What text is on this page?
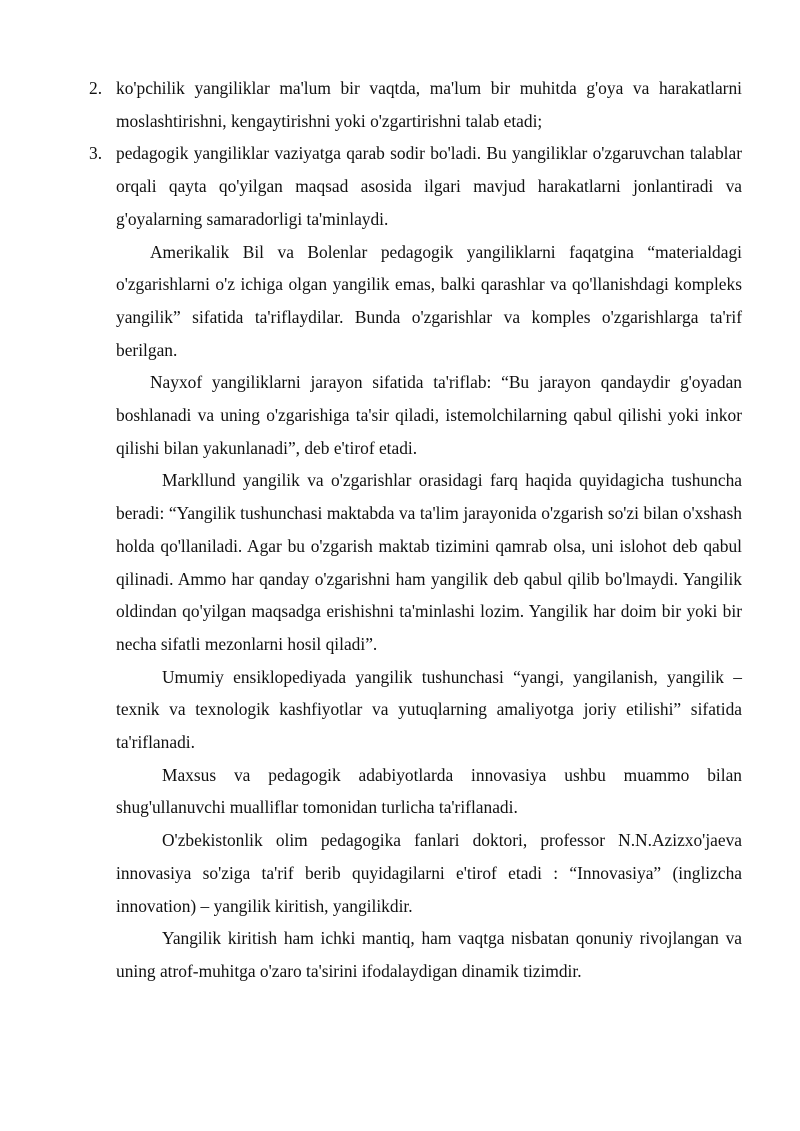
2. ko'pchilik yangiliklar ma'lum bir vaqtda, ma'lum bir muhitda g'oya va harakatlarni moslashtirishni, kengaytirishni yoki o'zgartirishni talab etadi;
3. pedagogik yangiliklar vaziyatga qarab sodir bo'ladi. Bu yangiliklar o'zgaruvchan talablar orqali qayta qo'yilgan maqsad asosida ilgari mavjud harakatlarni jonlantiradi va g'oyalarning samaradorligi ta'minlaydi.

Amerikalik Bil va Bolenlar pedagogik yangiliklarni faqatgina “materialdagi o'zgarishlarni o'z ichiga olgan yangilik emas, balki qarashlar va qo'llanishdagi kompleks yangilik” sifatida ta'riflaydilar. Bunda o'zgarishlar va komples o'zgarishlarga ta'rif berilgan.

Nayxof yangiliklarni jarayon sifatida ta'riflab: “Bu jarayon qandaydir g'oyadan boshlanadi va uning o'zgarishiga ta'sir qiladi, istemolchilarning qabul qilishi yoki inkor qilishi bilan yakunlanadi”, deb e'tirof etadi.

Markllund yangilik va o'zgarishlar orasidagi farq haqida quyidagicha tushuncha beradi: “Yangilik tushunchasi maktabda va ta'lim jarayonida o'zgarish so'zi bilan o'xshash holda qo'llaniladi. Agar bu o'zgarish maktab tizimini qamrab olsa, uni islohot deb qabul qilinadi. Ammo har qanday o'zgarishni ham yangilik deb qabul qilib bo'lmaydi. Yangilik oldindan qo'yilgan maqsadga erishishni ta'minlashi lozim. Yangilik har doim bir yoki bir necha sifatli mezonlarni hosil qiladi”.

Umumiy ensiklopediyada yangilik tushunchasi “yangi, yangilanish, yangilik – texnik va texnologik kashfiyotlar va yutuqlarning amaliyotga joriy etilishi” sifatida ta'riflanadi.

Maxsus va pedagogik adabiyotlarda innovasiya ushbu muammo bilan shug'ullanuvchi mualliflar tomonidan turlicha ta'riflanadi.

O'zbekistonlik olim pedagogika fanlari doktori, professor N.N.Azizxo'jaeva innovasiya so'ziga ta'rif berib quyidagilarni e'tirof etadi : “Innovasiya” (inglizcha innovation) – yangilik kiritish, yangilikdir.

Yangilik kiritish ham ichki mantiq, ham vaqtga nisbatan qonuniy rivojlangan va uning atrof-muhitga o'zaro ta'sirini ifodalaydigan dinamik tizimdir.
